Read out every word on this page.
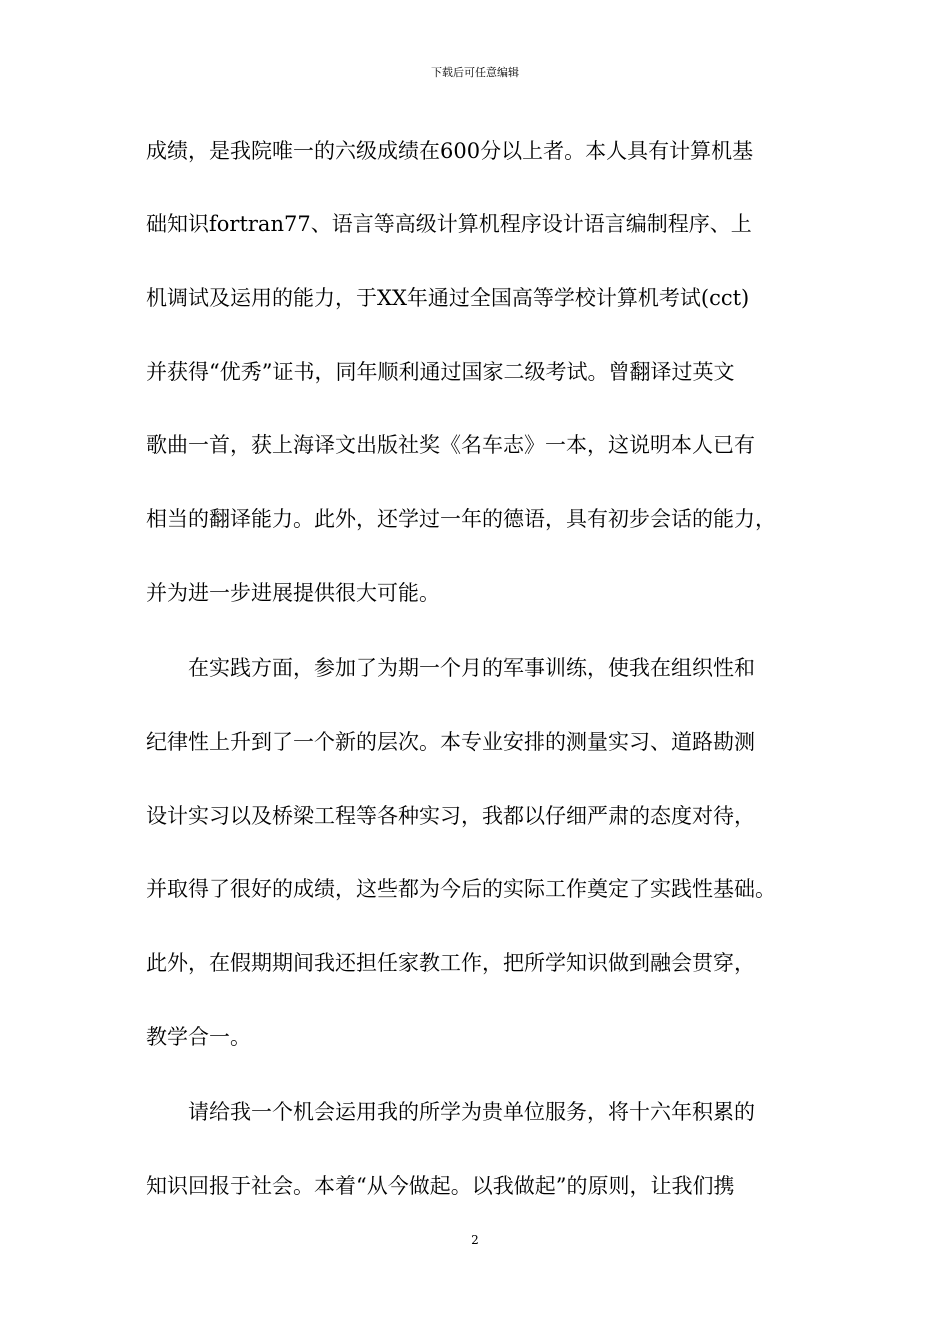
下载后可任意编辑
成绩，是我院唯一的六级成绩在600分以上者。本人具有计算机基
础知识fortran77、语言等高级计算机程序设计语言编制程序、上
机调试及运用的能力，于XX年通过全国高等学校计算机考试(cct)
并获得“优秀”证书，同年顺利通过国家二级考试。曾翻译过英文
歌曲一首，获上海译文出版社奖《名车志》一本，这说明本人已有
相当的翻译能力。此外，还学过一年的德语，具有初步会话的能力，
并为进一步进展提供很大可能。
　　在实践方面，参加了为期一个月的军事训练，使我在组织性和
纪律性上升到了一个新的层次。本专业安排的测量实习、道路勘测
设计实习以及桥梁工程等各种实习，我都以仔细严肃的态度对待，
并取得了很好的成绩，这些都为今后的实际工作奠定了实践性基础。
此外，在假期期间我还担任家教工作，把所学知识做到融会贯穿，
教学合一。
　　请给我一个机会运用我的所学为贵单位服务，将十六年积累的
知识回报于社会。本着“从今做起。以我做起”的原则，让我们携
2
